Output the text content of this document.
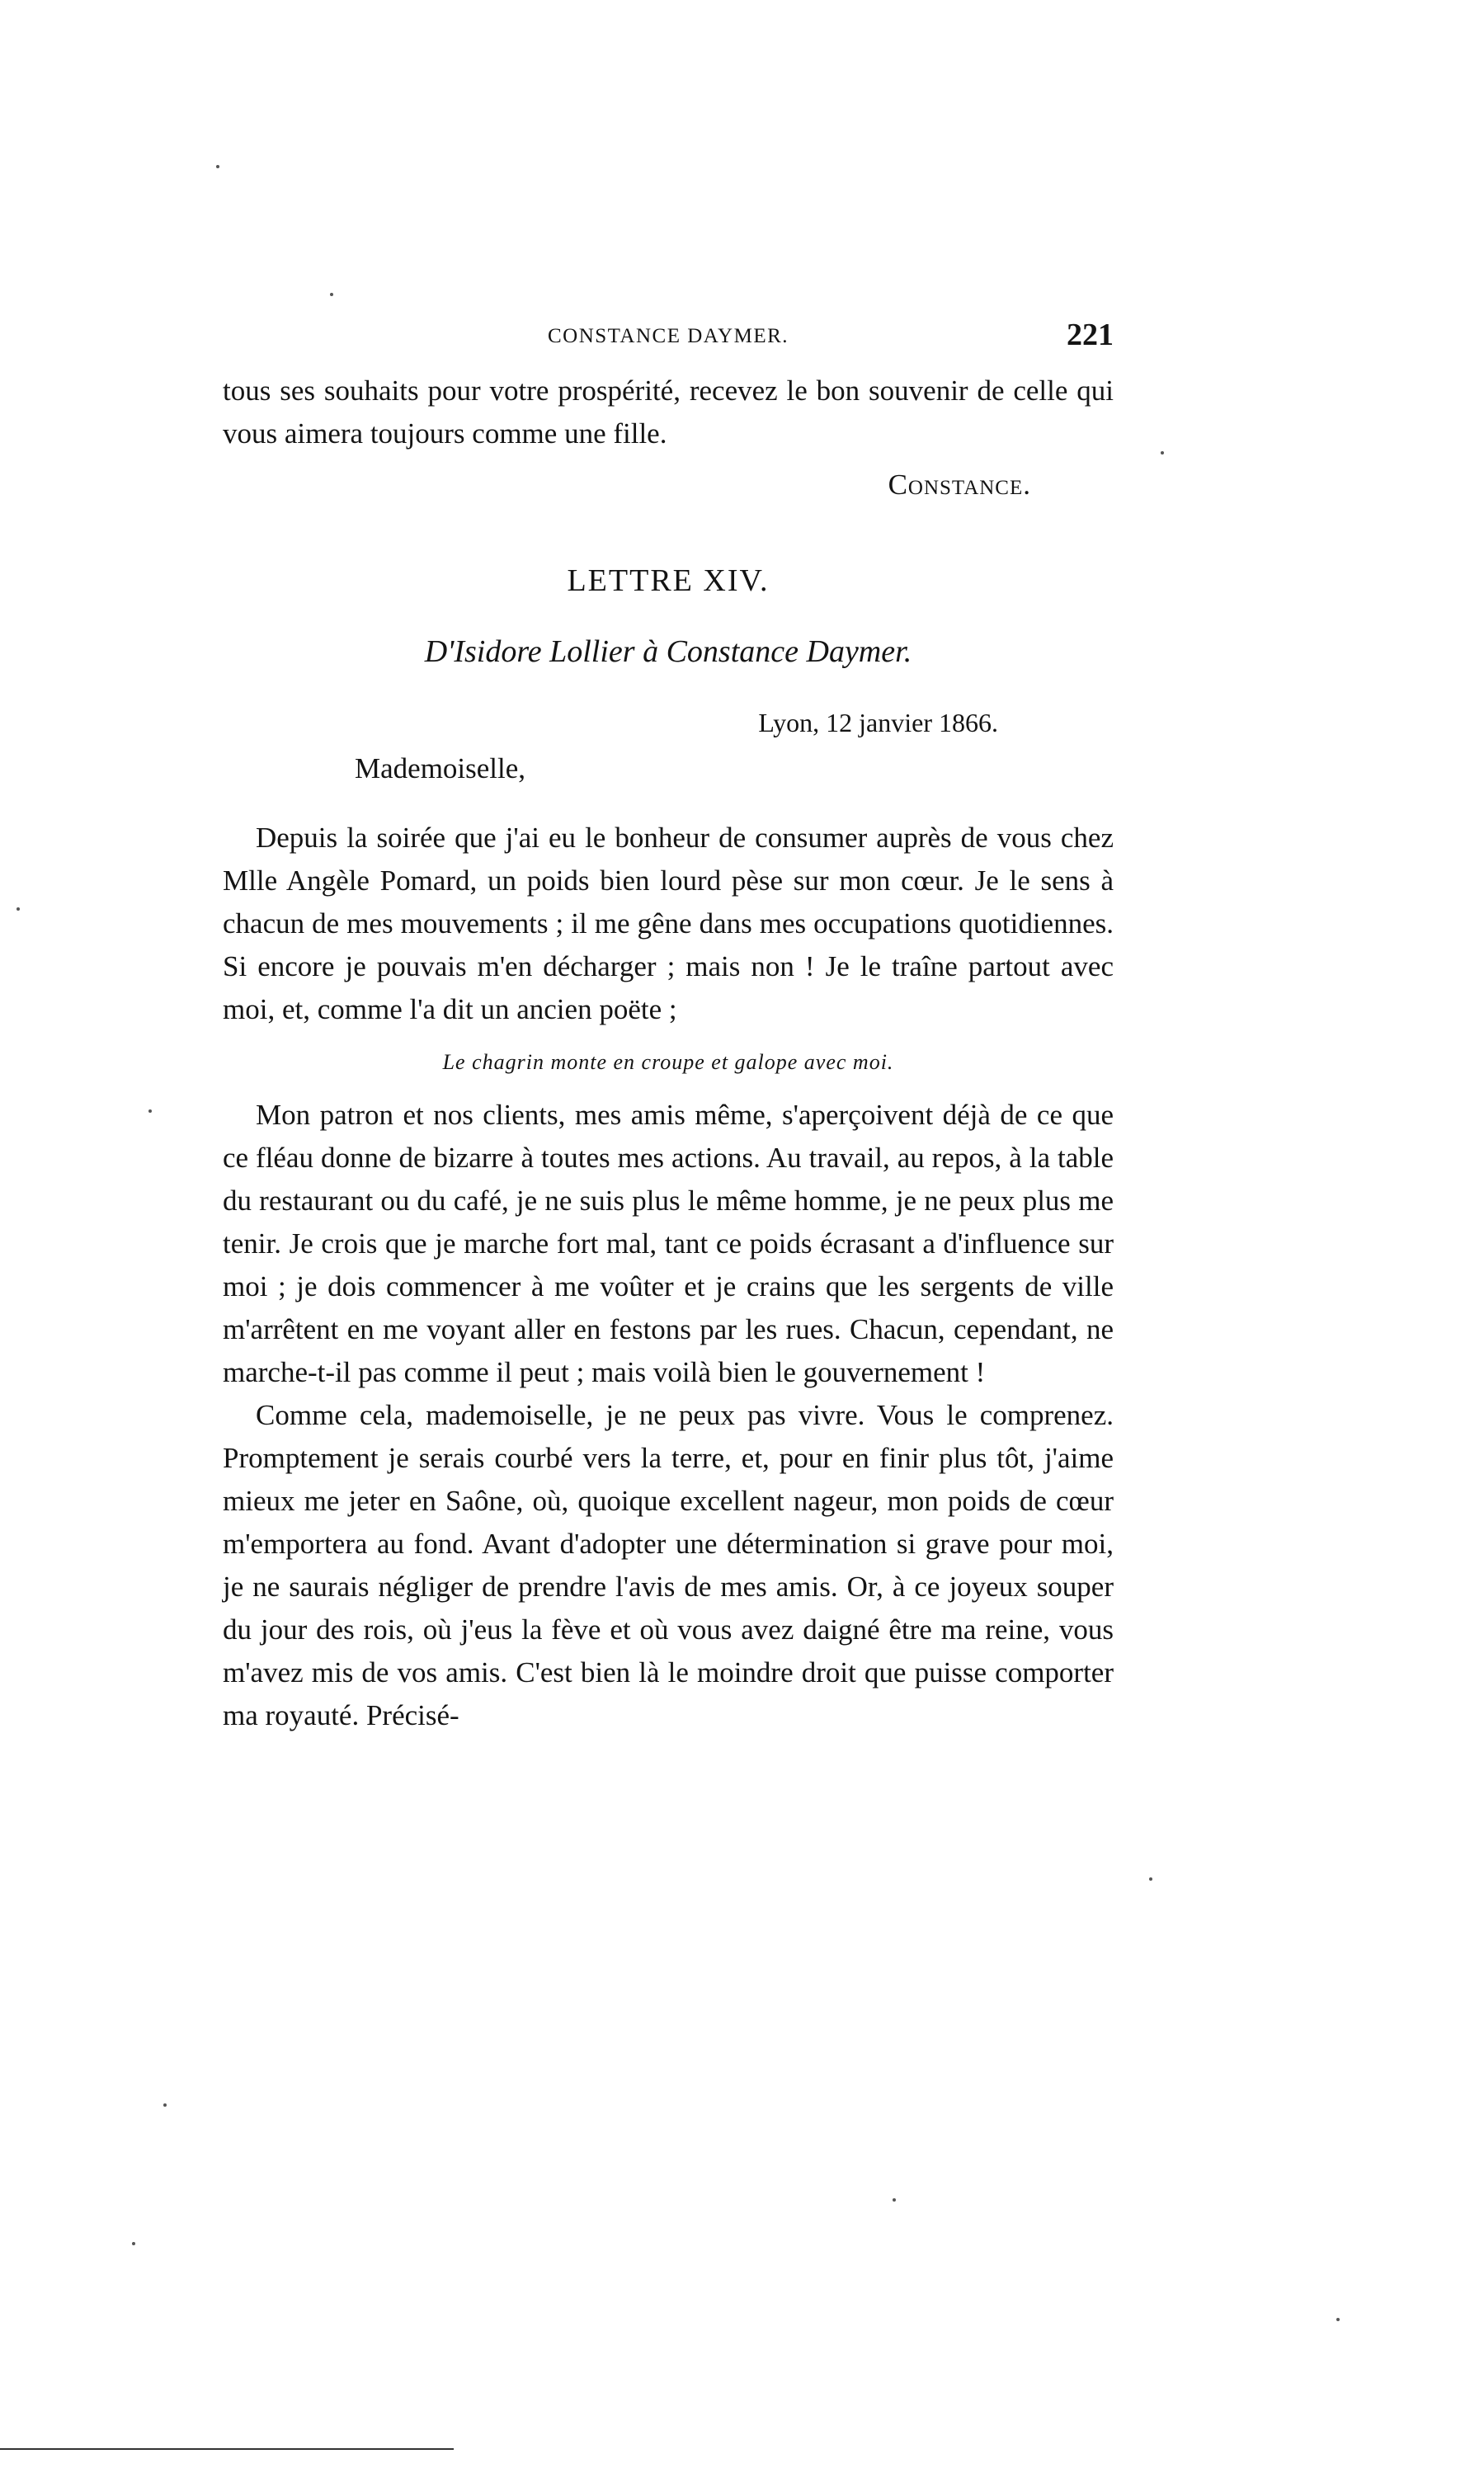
CONSTANCE DAYMER.	221

tous ses souhaits pour votre prospérité, recevez le bon souvenir de celle qui vous aimera toujours comme une fille.

Constance.

LETTRE XIV.

D'Isidore Lollier à Constance Daymer.

Lyon, 12 janvier 1866.

Mademoiselle,

Depuis la soirée que j'ai eu le bonheur de consumer auprès de vous chez Mlle Angèle Pomard, un poids bien lourd pèse sur mon cœur. Je le sens à chacun de mes mouvements ; il me gêne dans mes occupations quotidiennes. Si encore je pouvais m'en décharger ; mais non ! Je le traîne partout avec moi, et, comme l'a dit un ancien poëte ;

Le chagrin monte en croupe et galope avec moi.

Mon patron et nos clients, mes amis même, s'aperçoivent déjà de ce que ce fléau donne de bizarre à toutes mes actions. Au travail, au repos, à la table du restaurant ou du café, je ne suis plus le même homme, je ne peux plus me tenir. Je crois que je marche fort mal, tant ce poids écrasant a d'influence sur moi ; je dois commencer à me voûter et je crains que les sergents de ville m'arrêtent en me voyant aller en festons par les rues. Chacun, cependant, ne marche-t-il pas comme il peut ; mais voilà bien le gouvernement !

Comme cela, mademoiselle, je ne peux pas vivre. Vous le comprenez. Promptement je serais courbé vers la terre, et, pour en finir plus tôt, j'aime mieux me jeter en Saône, où, quoique excellent nageur, mon poids de cœur m'emportera au fond. Avant d'adopter une détermination si grave pour moi, je ne saurais négliger de prendre l'avis de mes amis. Or, à ce joyeux souper du jour des rois, où j'eus la fève et où vous avez daigné être ma reine, vous m'avez mis de vos amis. C'est bien là le moindre droit que puisse comporter ma royauté. Précisé-
